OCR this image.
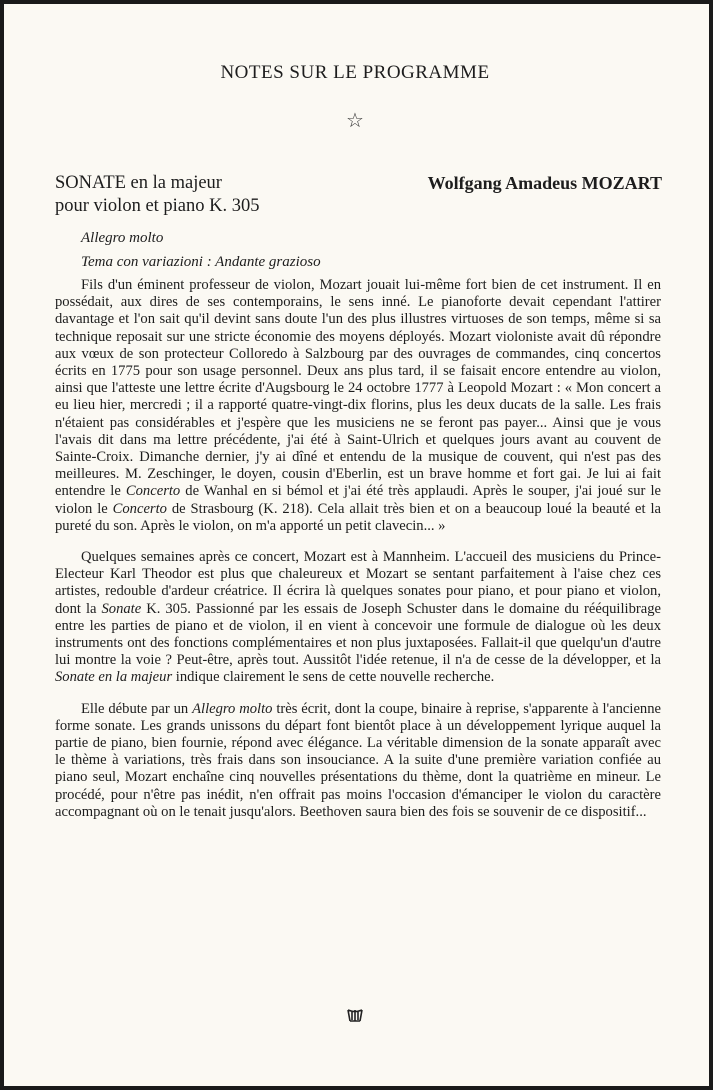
NOTES SUR LE PROGRAMME
☆
SONATE en la majeur
pour violon et piano K. 305
Wolfgang Amadeus MOZART
Allegro molto
Tema con variazioni : Andante grazioso

Fils d'un éminent professeur de violon, Mozart jouait lui-même fort bien de cet instrument. Il en possédait, aux dires de ses contemporains, le sens inné. Le pianoforte devait cependant l'attirer davantage et l'on sait qu'il devint sans doute l'un des plus illustres virtuoses de son temps, même si sa technique reposait sur une stricte économie des moyens déployés. Mozart violoniste avait dû répondre aux vœux de son protecteur Colloredo à Salzbourg par des ouvrages de commandes, cinq concertos écrits en 1775 pour son usage personnel. Deux ans plus tard, il se faisait encore entendre au violon, ainsi que l'atteste une lettre écrite d'Augsbourg le 24 octobre 1777 à Leopold Mozart : « Mon concert a eu lieu hier, mercredi ; il a rapporté quatre-vingt-dix florins, plus les deux ducats de la salle. Les frais n'étaient pas considérables et j'espère que les musiciens ne se feront pas payer... Ainsi que je vous l'avais dit dans ma lettre précédente, j'ai été à Saint-Ulrich et quelques jours avant au couvent de Sainte-Croix. Dimanche dernier, j'y ai dîné et entendu de la musique de couvent, qui n'est pas des meilleures. M. Zeschinger, le doyen, cousin d'Eberlin, est un brave homme et fort gai. Je lui ai fait entendre le Concerto de Wanhal en si bémol et j'ai été très applaudi. Après le souper, j'ai joué sur le violon le Concerto de Strasbourg (K. 218). Cela allait très bien et on a beaucoup loué la beauté et la pureté du son. Après le violon, on m'a apporté un petit clavecin... »

Quelques semaines après ce concert, Mozart est à Mannheim. L'accueil des musiciens du Prince-Electeur Karl Theodor est plus que chaleureux et Mozart se sentant parfaitement à l'aise chez ces artistes, redouble d'ardeur créatrice. Il écrira là quelques sonates pour piano, et pour piano et violon, dont la Sonate K. 305. Passionné par les essais de Joseph Schuster dans le domaine du rééquilibrage entre les parties de piano et de violon, il en vient à concevoir une formule de dialogue où les deux instruments ont des fonctions complémentaires et non plus juxtaposées. Fallait-il que quelqu'un d'autre lui montre la voie ? Peut-être, après tout. Aussitôt l'idée retenue, il n'a de cesse de la développer, et la Sonate en la majeur indique clairement le sens de cette nouvelle recherche.

Elle débute par un Allegro molto très écrit, dont la coupe, binaire à reprise, s'apparente à l'ancienne forme sonate. Les grands unissons du départ font bientôt place à un développement lyrique auquel la partie de piano, bien fournie, répond avec élégance. La véritable dimension de la sonate apparaît avec le thème à variations, très frais dans son insouciance. A la suite d'une première variation confiée au piano seul, Mozart enchaîne cinq nouvelles présentations du thème, dont la quatrième en mineur. Le procédé, pour n'être pas inédit, n'en offrait pas moins l'occasion d'émanciper le violon du caractère accompagnant où on le tenait jusqu'alors. Beethoven saura bien des fois se souvenir de ce dispositif...
